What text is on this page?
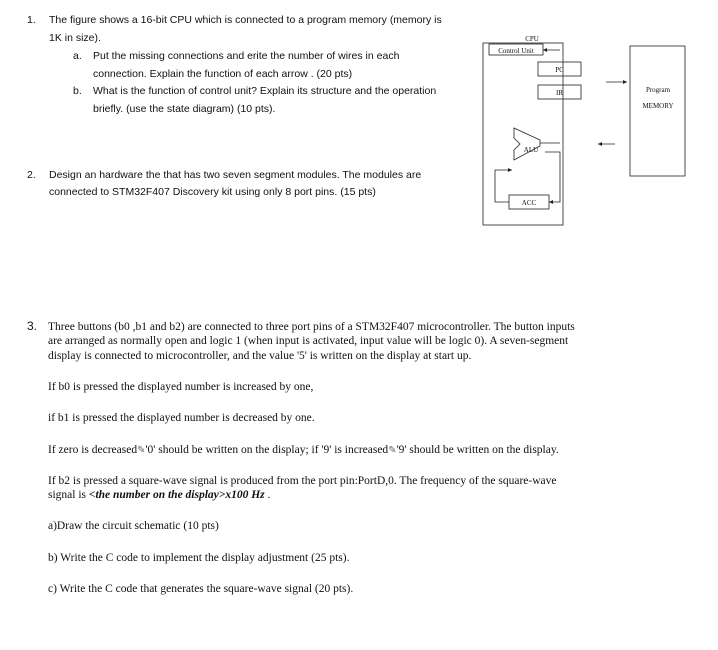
1. The figure shows a 16-bit CPU which is connected to a program memory (memory is
1K in size).
a. Put the missing connections and erite the number of wires in each
connection. Explain the function of each arrow . (20 pts)
b. What is the function of control unit? Explain its structure and the operation
briefly. (use the state diagram) (10 pts).
2. Design an hardware the that has two seven segment modules. The modules are
connected to STM32F407 Discovery kit using only 8 port pins. (15 pts)
CPU
Control Unit
PC
IR
ALU
ACC
Program
MEMORY
3. Three buttons (b0 ,b1 and b2) are connected to three port pins of a STM32F407 microcontroller. The button inputs
are arranged as normally open and logic 1 (when input is activated, input value will be logic 0). A seven-segment
display is connected to microcontroller, and the value '5' is written on the display at start up.
If b0 is pressed the displayed number is increased by one,
if b1 is pressed the displayed number is decreased by one.
If zero is decreased✎'0' should be written on the display; if '9' is increased✎'9' should be written on the display.
If b2 is pressed a square-wave signal is produced from the port pin:PortD,0. The frequency of the square-wave
signal is <the number on the display>x100 Hz .
a)Draw the circuit schematic (10 pts)
b) Write the C code to implement the display adjustment (25 pts).
c) Write the C code that generates the square-wave signal (20 pts).
